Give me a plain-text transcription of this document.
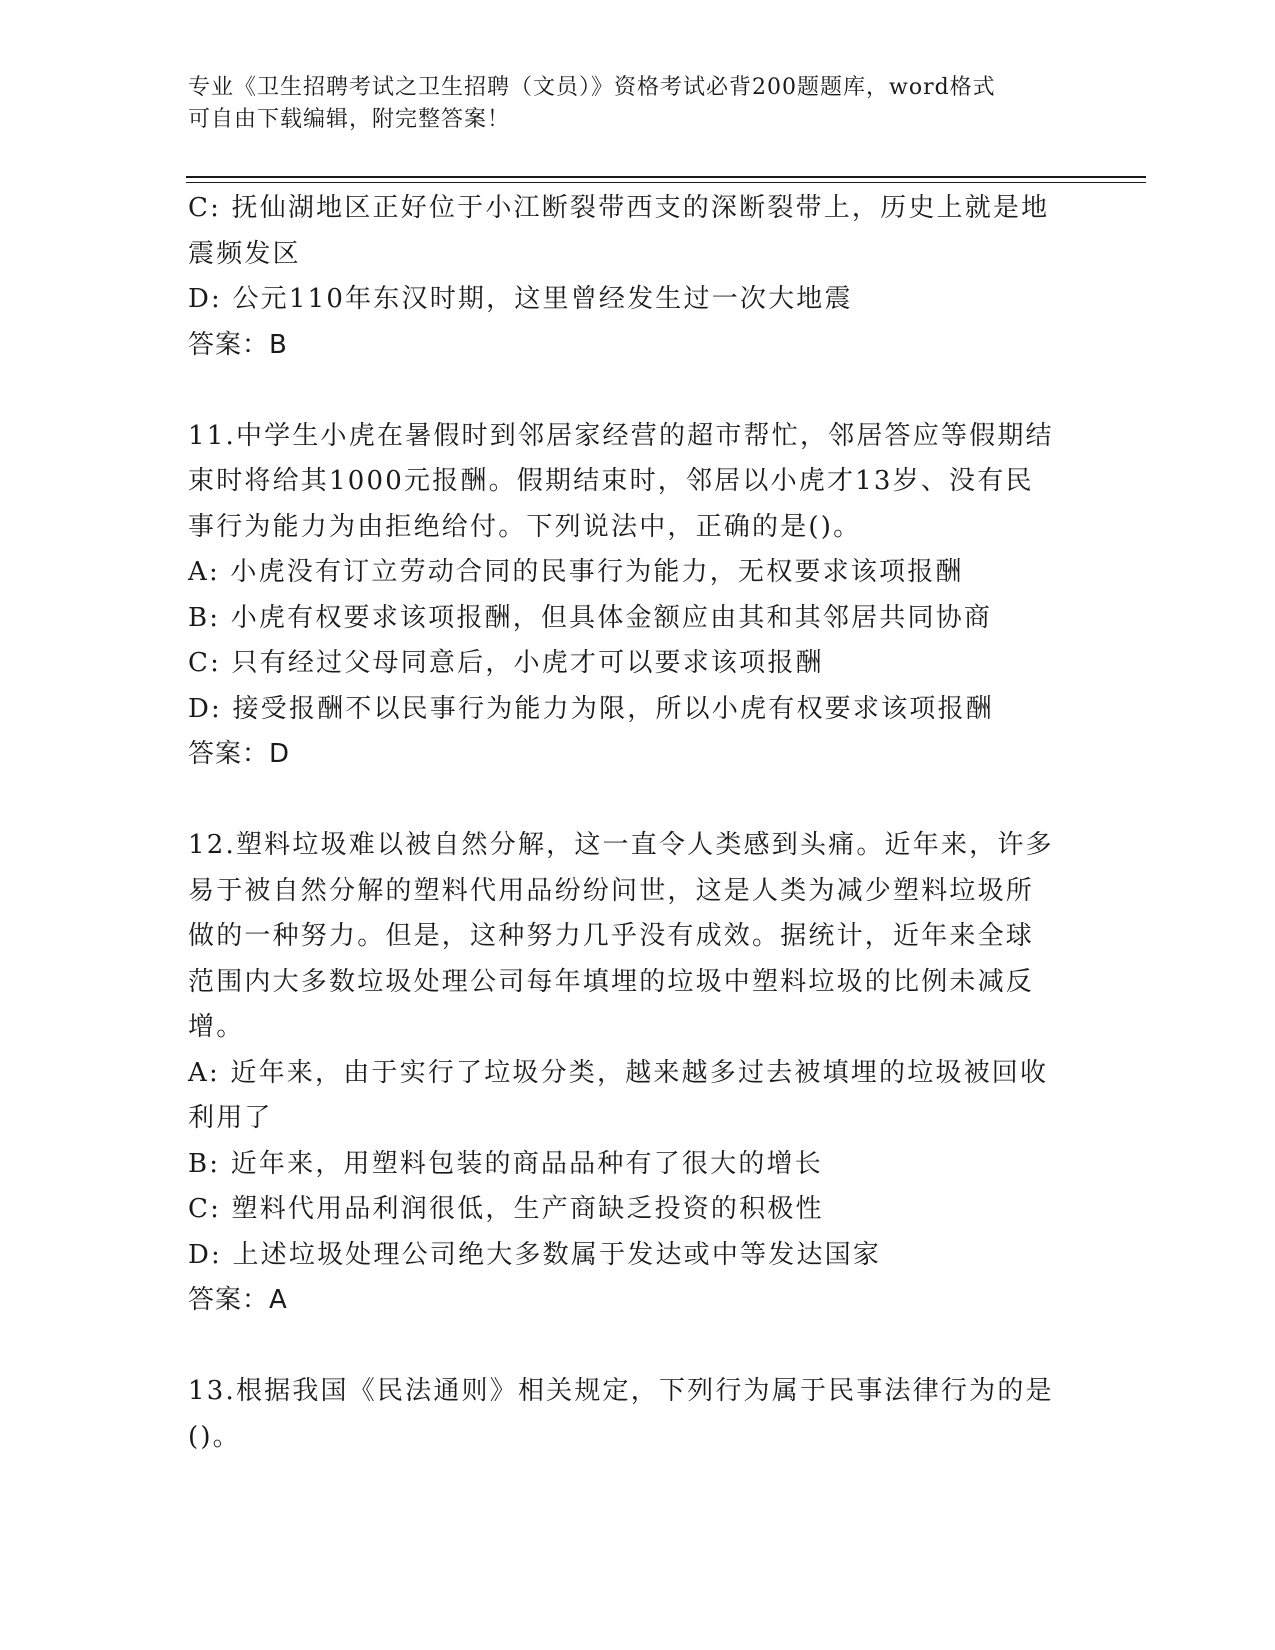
专业《卫生招聘考试之卫生招聘（文员）》资格考试必背200题题库，word格式
可自由下载编辑，附完整答案！
C: 抚仙湖地区正好位于小江断裂带西支的深断裂带上，历史上就是地
震频发区
D: 公元110年东汉时期，这里曾经发生过一次大地震
答案：B
11.中学生小虎在暑假时到邻居家经营的超市帮忙，邻居答应等假期结
束时将给其1000元报酬。假期结束时，邻居以小虎才13岁、没有民
事行为能力为由拒绝给付。下列说法中，正确的是()。
A: 小虎没有订立劳动合同的民事行为能力，无权要求该项报酬
B: 小虎有权要求该项报酬，但具体金额应由其和其邻居共同协商
C: 只有经过父母同意后，小虎才可以要求该项报酬
D: 接受报酬不以民事行为能力为限，所以小虎有权要求该项报酬
答案：D
12.塑料垃圾难以被自然分解，这一直令人类感到头痛。近年来，许多
易于被自然分解的塑料代用品纷纷问世，这是人类为减少塑料垃圾所
做的一种努力。但是，这种努力几乎没有成效。据统计，近年来全球
范围内大多数垃圾处理公司每年填埋的垃圾中塑料垃圾的比例未减反
增。
A: 近年来，由于实行了垃圾分类，越来越多过去被填埋的垃圾被回收
利用了
B: 近年来，用塑料包装的商品品种有了很大的增长
C: 塑料代用品利润很低，生产商缺乏投资的积极性
D: 上述垃圾处理公司绝大多数属于发达或中等发达国家
答案：A
13.根据我国《民法通则》相关规定，下列行为属于民事法律行为的是
()。
